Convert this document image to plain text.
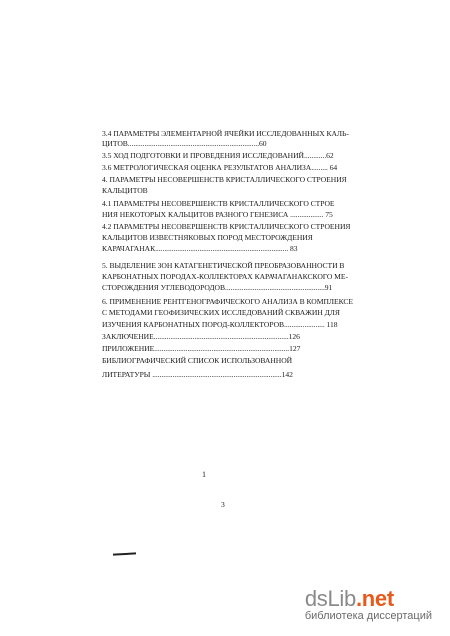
3.4 ПАРАМЕТРЫ ЭЛЕМЕНТАРНОЙ ЯЧЕЙКИ ИССЛЕДОВАННЫХ КАЛЬ-
ЦИТОВ.......................................................................60
3.5 ХОД ПОДГОТОВКИ И ПРОВЕДЕНИЯ ИССЛЕДОВАНИЙ............62
3.6 МЕТРОЛОГИЧЕСКАЯ ОЦЕНКА РЕЗУЛЬТАТОВ АНАЛИЗА......... 64
4. ПАРАМЕТРЫ НЕСОВЕРШЕНСТВ КРИСТАЛЛИЧЕСКОГО СТРОЕНИЯ
КАЛЬЦИТОВ
4.1 ПАРАМЕТРЫ НЕСОВЕРШЕНСТВ КРИСТАЛЛИЧЕСКОГО СТРОЕ
НИЯ НЕКОТОРЫХ КАЛЬЦИТОВ РАЗНОГО ГЕНЕЗИСА .................. 75
4.2 ПАРАМЕТРЫ НЕСОВЕРШЕНСТВ КРИСТАЛЛИЧЕСКОГО СТРОЕНИЯ
КАЛЬЦИТОВ ИЗВЕСТНЯКОВЫХ ПОРОД МЕСТОРОЖДЕНИЯ
КАРАЧАГАНАК........................................................................ 83
5. ВЫДЕЛЕНИЕ ЗОН КАТАГЕНЕТИЧЕСКОЙ ПРЕОБРАЗОВАННОСТИ В
КАРБОНАТНЫХ ПОРОДАХ-КОЛЛЕКТОРАХ КАРАЧАГАНАКСКОГО МЕ-
СТОРОЖДЕНИЯ УГЛЕВОДОРОДОВ......................................................91
6. ПРИМЕНЕНИЕ РЕНТГЕНОГРАФИЧЕСКОГО АНАЛИЗА В КОМПЛЕКСЕ
С МЕТОДАМИ ГЕОФИЗИЧЕСКИХ ИССЛЕДОВАНИЙ СКВАЖИН ДЛЯ
ИЗУЧЕНИЯ КАРБОНАТНЫХ ПОРОД-КОЛЛЕКТОРОВ...................... 118
ЗАКЛЮЧЕНИЕ.........................................................................126
ПРИЛОЖЕНИЕ.........................................................................127
БИБЛИОГРАФИЧЕСКИЙ СПИСОК ИСПОЛЬЗОВАННОЙ
ЛИТЕРАТУРЫ ......................................................................142
1
3
dsLib.net
библиотека диссертаций
